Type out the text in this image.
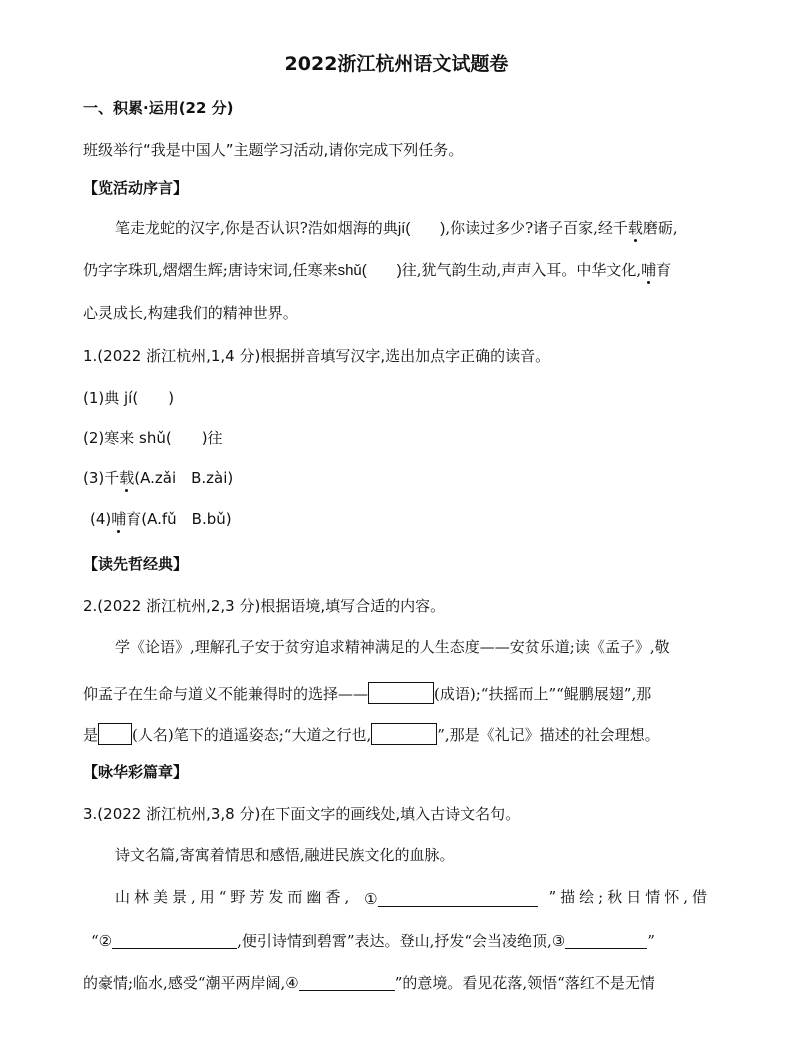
2022浙江杭州语文试题卷
一、积累·运用(22 分)
班级举行“我是中国人”主题学习活动,请你完成下列任务。
【览活动序言】
笔走龙蛇的汉字,你是否认识?浩如烟海的典jí(　　),你读过多少?诸子百家,经千载磨砺,
仍字字珠玑,熠熠生辉;唐诗宋词,任寒来shǔ(　　)往,犹气韵生动,声声入耳。中华文化,哺育
心灵成长,构建我们的精神世界。
1.(2022 浙江杭州,1,4 分)根据拼音填写汉字,选出加点字正确的读音。
(1)典 jí(　　)
(2)寒来 shǔ(　　)往
(3)千载(A.zǎi　B.zài)
(4)哺育(A.fǔ　B.bǔ)
【读先哲经典】
2.(2022 浙江杭州,2,3 分)根据语境,填写合适的内容。
学《论语》,理解孔子安于贫穷追求精神满足的人生态度——安贫乐道;读《孟子》,敬
仰孟子在生命与道义不能兼得时的选择——	(成语);“扶摇而上”“鲲鹏展翅”,那
是 (人名)笔下的逍遥姿态;“大道之行也,	”,那是《礼记》描述的社会理想。
【咏华彩篇章】
3.(2022 浙江杭州,3,8 分)在下面文字的画线处,填入古诗文名句。
诗文名篇,寄寓着情思和感悟,融进民族文化的血脉。
山林美景,用“野芳发而幽香, ①	”描绘;秋日情怀,借
“②	,便引诗情到碧霄”表达。登山,抒发“会当凌绝顶,③	”
的豪情;临水,感受“潮平两岸阔,④	”的意境。看见花落,领悟“落红不是无情
